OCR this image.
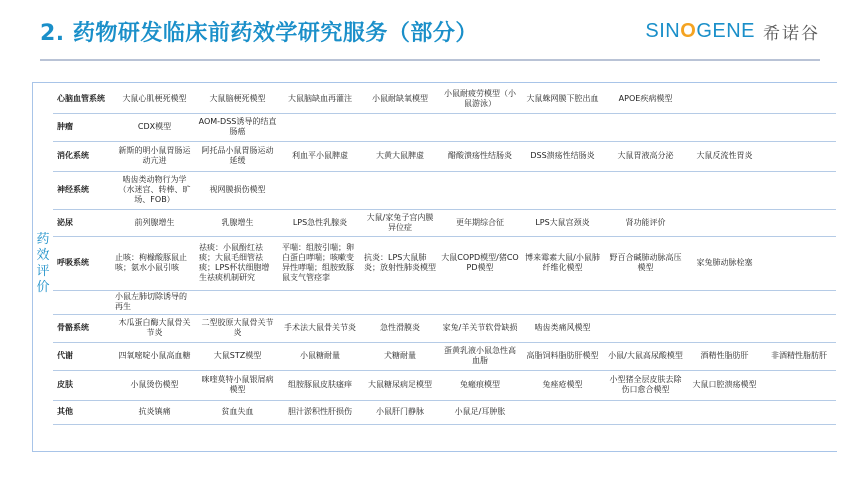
2. 药物研发临床前药效学研究服务（部分）	SINOGENE 希诺谷
药
效
评
价
心脑血管系统	大鼠心肌梗死模型	大鼠脑梗死模型	大鼠脑缺血再灌注	小鼠耐缺氧模型	小鼠耐疲劳模型（小鼠游泳）	大鼠蛛网膜下腔出血	APOE疾病模型		
肿瘤	CDX模型	AOM-DSS诱导的结直肠癌							
消化系统	新斯的明小鼠胃肠运动亢进	阿托品小鼠胃肠运动延缓	利血平小鼠脾虚	大黄大鼠脾虚	醋酸溃疡性结肠炎	DSS溃疡性结肠炎	大鼠胃液高分泌	大鼠反流性胃炎	
神经系统	啮齿类动物行为学（水迷宫、转棒、旷场、FOB）	视网膜损伤模型							
泌尿	前列腺增生	乳腺增生	LPS急性乳腺炎	大鼠/家兔子宫内膜异位症	更年期综合征	LPS大鼠宫颈炎	肾功能评价		
呼吸系统	止咳：枸橼酸豚鼠止咳；氨水小鼠引咳	祛痰：小鼠酚红祛痰；大鼠毛细管祛痰；LPS杯状细胞增生祛痰机制研究	平喘：组胺引喘；卵白蛋白哮喘；咳嗽变异性哮喘；组胺致豚鼠支气管痉挛	抗炎：LPS大鼠肺炎；放射性肺炎模型	大鼠COPD模型/猪COPD模型	博来霉素大鼠/小鼠肺纤维化模型	野百合碱肺动脉高压模型	家兔肺动脉栓塞	
	小鼠左肺切除诱导的再生								
骨骼系统	木瓜蛋白酶大鼠骨关节炎	二型胶原大鼠骨关节炎	手术法大鼠骨关节炎	急性滑膜炎	家兔/羊关节软骨缺损	啮齿类痛风模型			
代谢	四氧嘧啶小鼠高血糖	大鼠STZ模型	小鼠糖耐量	犬糖耐量	蛋黄乳液小鼠急性高血脂	高脂饲料脂肪肝模型	小鼠/大鼠高尿酸模型	酒精性脂肪肝	非酒精性脂肪肝
皮肤	小鼠烫伤模型	咪喹莫特小鼠银屑病模型	组胺豚鼠皮肤瘙痒	大鼠糖尿病足模型	兔瘢痕模型	兔痤疮模型	小型猪全层皮肤去除伤口愈合模型	大鼠口腔溃疡模型	
其他	抗炎镇痛	贫血失血	胆汁淤积性肝损伤	小鼠肝门静脉	小鼠足/耳肿胀				
